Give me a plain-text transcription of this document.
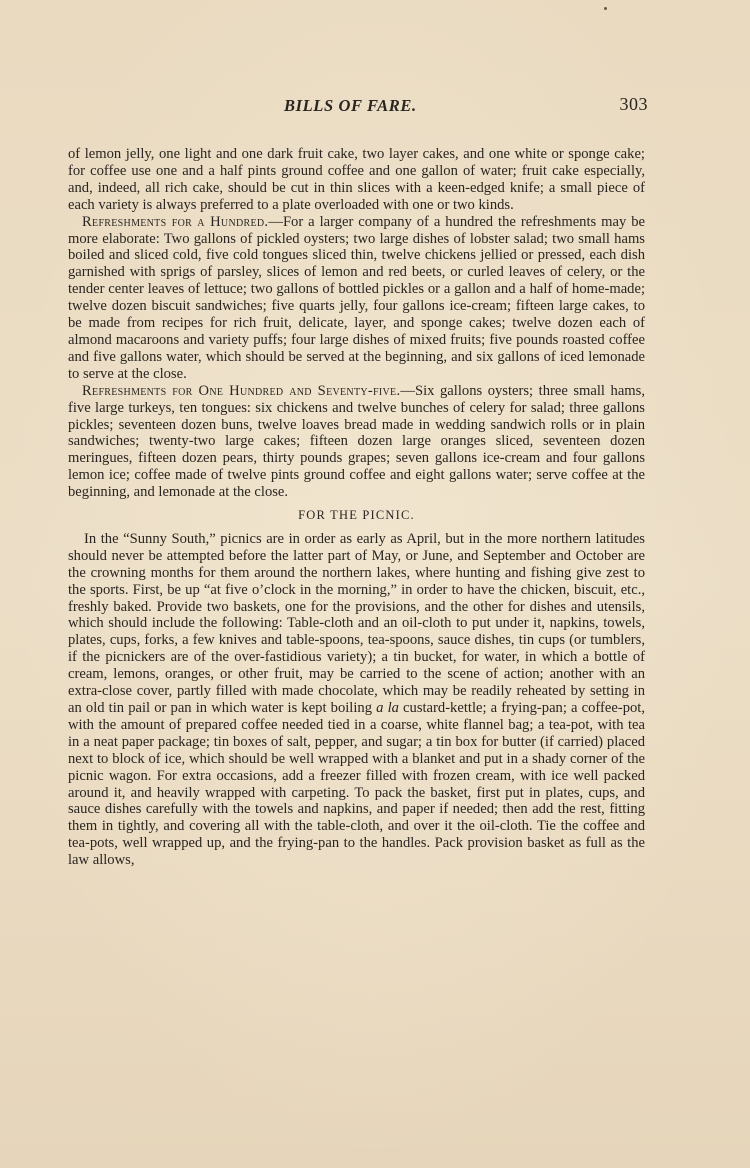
BILLS OF FARE.	303

of lemon jelly, one light and one dark fruit cake, two layer cakes, and one white or sponge cake; for coffee use one and a half pints ground coffee and one gallon of water; fruit cake especially, and, indeed, all rich cake, should be cut in thin slices with a keen-edged knife; a small piece of each variety is always preferred to a plate overloaded with one or two kinds.

Refreshments for a Hundred.—For a larger company of a hundred the refreshments may be more elaborate: Two gallons of pickled oysters; two large dishes of lobster salad; two small hams boiled and sliced cold, five cold tongues sliced thin, twelve chickens jellied or pressed, each dish garnished with sprigs of parsley, slices of lemon and red beets, or curled leaves of celery, or the tender center leaves of lettuce; two gallons of bottled pickles or a gallon and a half of home-made; twelve dozen biscuit sandwiches; five quarts jelly, four gallons ice-cream; fifteen large cakes, to be made from recipes for rich fruit, delicate, layer, and sponge cakes; twelve dozen each of almond macaroons and variety puffs; four large dishes of mixed fruits; five pounds roasted coffee and five gallons water, which should be served at the beginning, and six gallons of iced lemonade to serve at the close.

Refreshments for One Hundred and Seventy-five.—Six gallons oysters; three small hams, five large turkeys, ten tongues: six chickens and twelve bunches of celery for salad; three gallons pickles; seventeen dozen buns, twelve loaves bread made in wedding sandwich rolls or in plain sandwiches; twenty-two large cakes; fifteen dozen large oranges sliced, seventeen dozen meringues, fifteen dozen pears, thirty pounds grapes; seven gallons ice-cream and four gallons lemon ice; coffee made of twelve pints ground coffee and eight gallons water; serve coffee at the beginning, and lemonade at the close.

FOR THE PICNIC.

In the “Sunny South,” picnics are in order as early as April, but in the more northern latitudes should never be attempted before the latter part of May, or June, and September and October are the crowning months for them around the northern lakes, where hunting and fishing give zest to the sports. First, be up “at five o’clock in the morning,” in order to have the chicken, biscuit, etc., freshly baked. Provide two baskets, one for the provisions, and the other for dishes and utensils, which should include the following: Table-cloth and an oil-cloth to put under it, napkins, towels, plates, cups, forks, a few knives and table-spoons, tea-spoons, sauce dishes, tin cups (or tumblers, if the picnickers are of the over-fastidious variety); a tin bucket, for water, in which a bottle of cream, lemons, oranges, or other fruit, may be carried to the scene of action; another with an extra-close cover, partly filled with made chocolate, which may be readily reheated by setting in an old tin pail or pan in which water is kept boiling a la custard-kettle; a frying-pan; a coffee-pot, with the amount of prepared coffee needed tied in a coarse, white flannel bag; a tea-pot, with tea in a neat paper package; tin boxes of salt, pepper, and sugar; a tin box for butter (if carried) placed next to block of ice, which should be well wrapped with a blanket and put in a shady corner of the picnic wagon. For extra occasions, add a freezer filled with frozen cream, with ice well packed around it, and heavily wrapped with carpeting. To pack the basket, first put in plates, cups, and sauce dishes carefully with the towels and napkins, and paper if needed; then add the rest, fitting them in tightly, and covering all with the table-cloth, and over it the oil-cloth. Tie the coffee and tea-pots, well wrapped up, and the frying-pan to the handles. Pack provision basket as full as the law allows,
